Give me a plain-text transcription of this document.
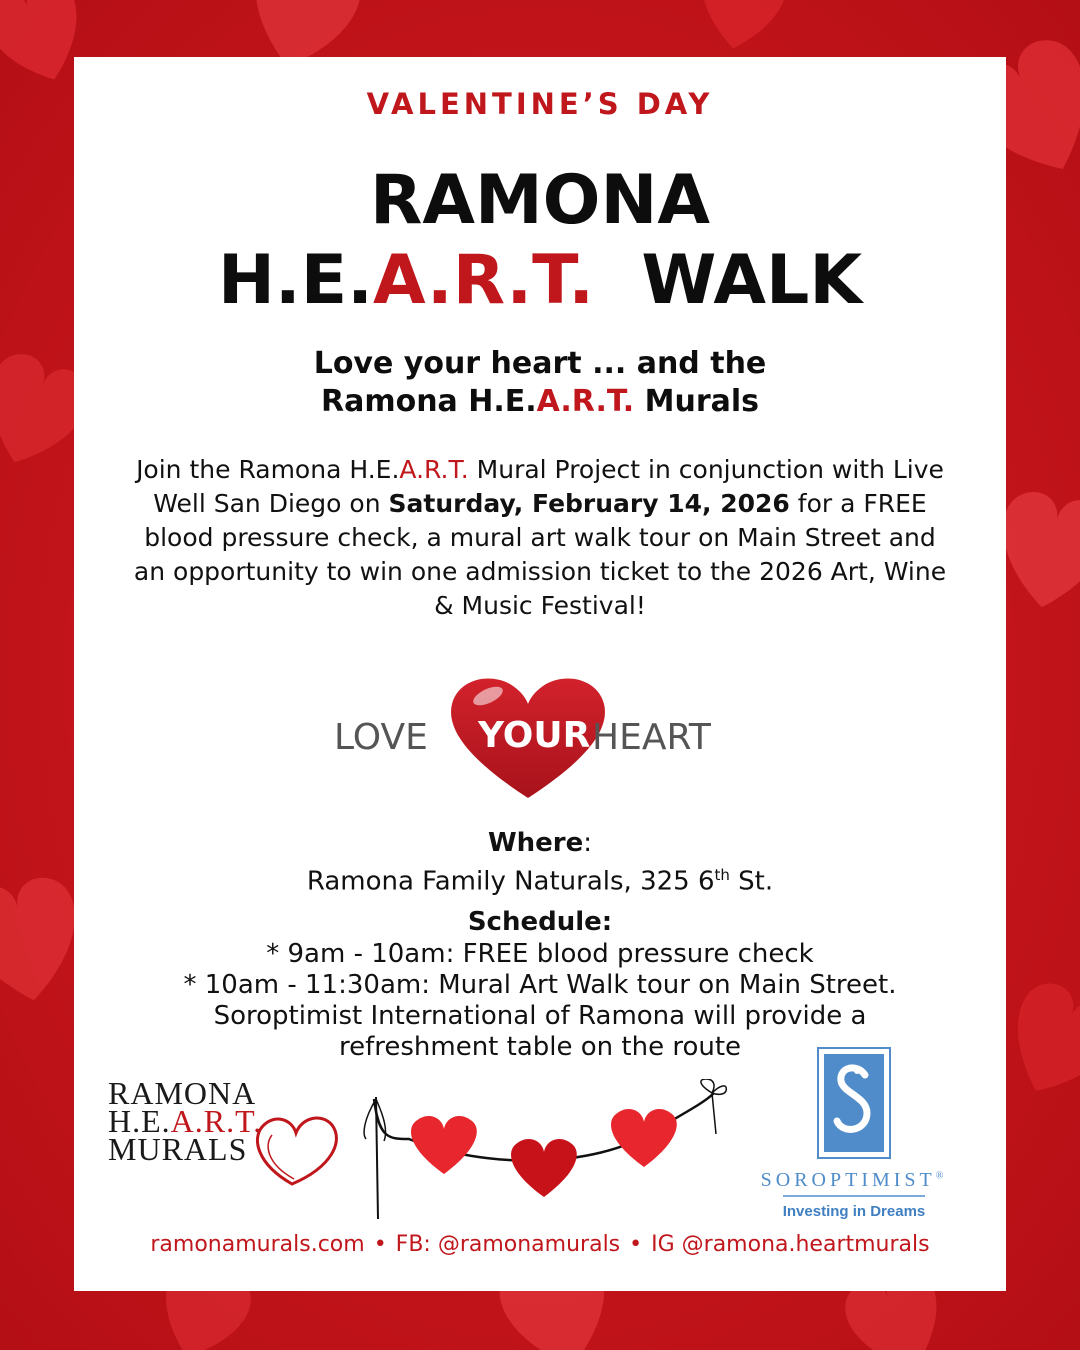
VALENTINE’S DAY
RAMONA
H.E.A.R.T. WALK
Love your heart ... and the
Ramona H.E.A.R.T. Murals
Join the Ramona H.E.A.R.T. Mural Project in conjunction with Live Well San Diego on Saturday, February 14, 2026 for a FREE blood pressure check, a mural art walk tour on Main Street and an opportunity to win one admission ticket to the 2026 Art, Wine & Music Festival!
LOVE YOUR HEART
Where:
Ramona Family Naturals, 325 6th St.
Schedule:
* 9am - 10am: FREE blood pressure check
* 10am - 11:30am: Mural Art Walk tour on Main Street.
Soroptimist International of Ramona will provide a
refreshment table on the route
RAMONA
H.E.A.R.T.
MURALS
SOROPTIMIST®
Investing in Dreams
ramonamurals.com • FB: @ramonamurals • IG @ramona.heartmurals
